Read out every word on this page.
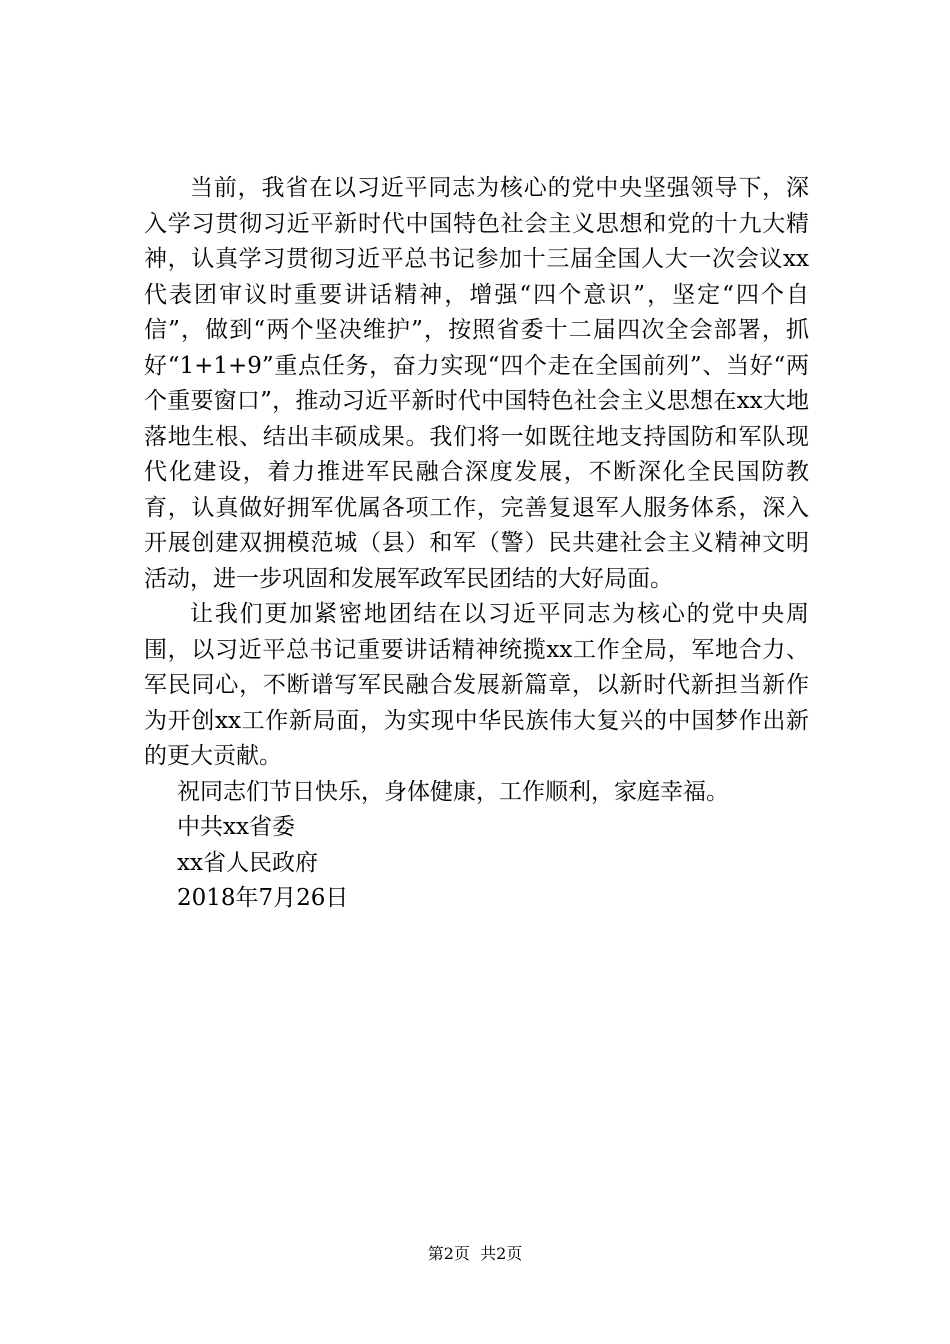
当前，我省在以习近平同志为核心的党中央坚强领导下，深入学习贯彻习近平新时代中国特色社会主义思想和党的十九大精神，认真学习贯彻习近平总书记参加十三届全国人大一次会议xx代表团审议时重要讲话精神，增强“四个意识”，坚定“四个自信”，做到“两个坚决维护”，按照省委十二届四次全会部署，抓好“1+1+9”重点任务，奋力实现“四个走在全国前列”、当好“两个重要窗口”，推动习近平新时代中国特色社会主义思想在xx大地落地生根、结出丰硕成果。我们将一如既往地支持国防和军队现代化建设，着力推进军民融合深度发展，不断深化全民国防教育，认真做好拥军优属各项工作，完善复退军人服务体系，深入开展创建双拥模范城（县）和军（警）民共建社会主义精神文明活动，进一步巩固和发展军政军民团结的大好局面。

让我们更加紧密地团结在以习近平同志为核心的党中央周围，以习近平总书记重要讲话精神统揽xx工作全局，军地合力、军民同心，不断谱写军民融合发展新篇章，以新时代新担当新作为开创xx工作新局面，为实现中华民族伟大复兴的中国梦作出新的更大贡献。

祝同志们节日快乐，身体健康，工作顺利，家庭幸福。

中共xx省委

xx省人民政府

2018年7月26日

第2页  共2页
